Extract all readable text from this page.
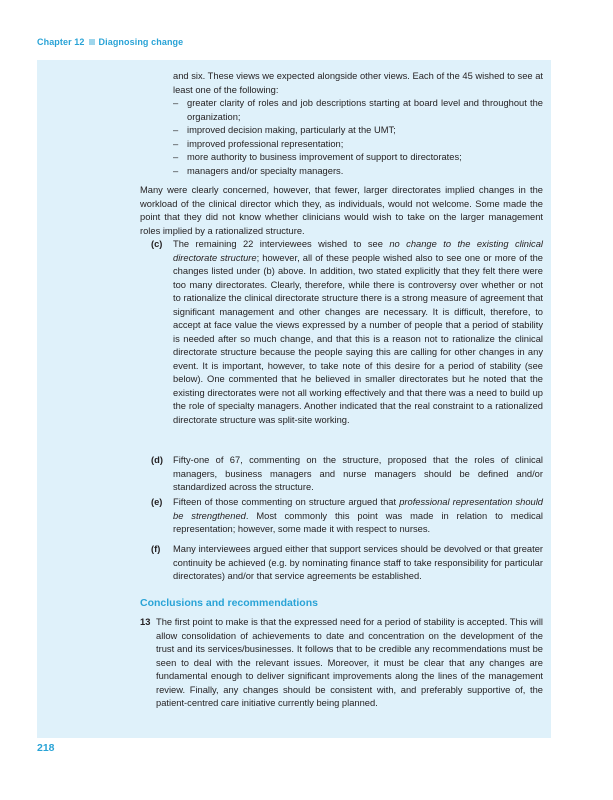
Chapter 12 Diagnosing change

and six. These views we expected alongside other views. Each of the 45 wished to see at least one of the following:

– greater clarity of roles and job descriptions starting at board level and throughout the organization;
– improved decision making, particularly at the UMT;
– improved professional representation;
– more authority to business improvement of support to directorates;
– managers and/or specialty managers.
Many were clearly concerned, however, that fewer, larger directorates implied changes in the workload of the clinical director which they, as individuals, would not welcome. Some made the point that they did not know whether clinicians would wish to take on the larger management roles implied by a rationalized structure.
(c) The remaining 22 interviewees wished to see no change to the existing clinical directorate structure; however, all of these people wished also to see one or more of the changes listed under (b) above. In addition, two stated explicitly that they felt there were too many directorates. Clearly, therefore, while there is controversy over whether or not to rationalize the clinical directorate structure there is a strong measure of agreement that significant management and other changes are necessary. It is difficult, therefore, to accept at face value the views expressed by a number of people that a period of stability is needed after so much change, and that this is a reason not to rationalize the clinical directorate structure because the people saying this are calling for other changes in any event. It is important, however, to take note of this desire for a period of stability (see below). One commented that he believed in smaller directorates but he noted that the existing directorates were not all working effectively and that there was a need to build up the role of specialty managers. Another indicated that the real constraint to a rationalized directorate structure was split-site working.
(d) Fifty-one of 67, commenting on the structure, proposed that the roles of clinical managers, business managers and nurse managers should be defined and/or standardized across the structure.
(e) Fifteen of those commenting on structure argued that professional representation should be strengthened. Most commonly this point was made in relation to medical representation; however, some made it with respect to nurses.
(f) Many interviewees argued either that support services should be devolved or that greater continuity be achieved (e.g. by nominating finance staff to take responsibility for particular directorates) and/or that service agreements be established.
Conclusions and recommendations
13 The first point to make is that the expressed need for a period of stability is accepted. This will allow consolidation of achievements to date and concentration on the development of the trust and its services/businesses. It follows that to be credible any recommendations must be seen to deal with the relevant issues. Moreover, it must be clear that any changes are fundamental enough to deliver significant improvements along the lines of the management review. Finally, any changes should be consistent with, and preferably supportive of, the patient-centred care initiative currently being planned.
218
